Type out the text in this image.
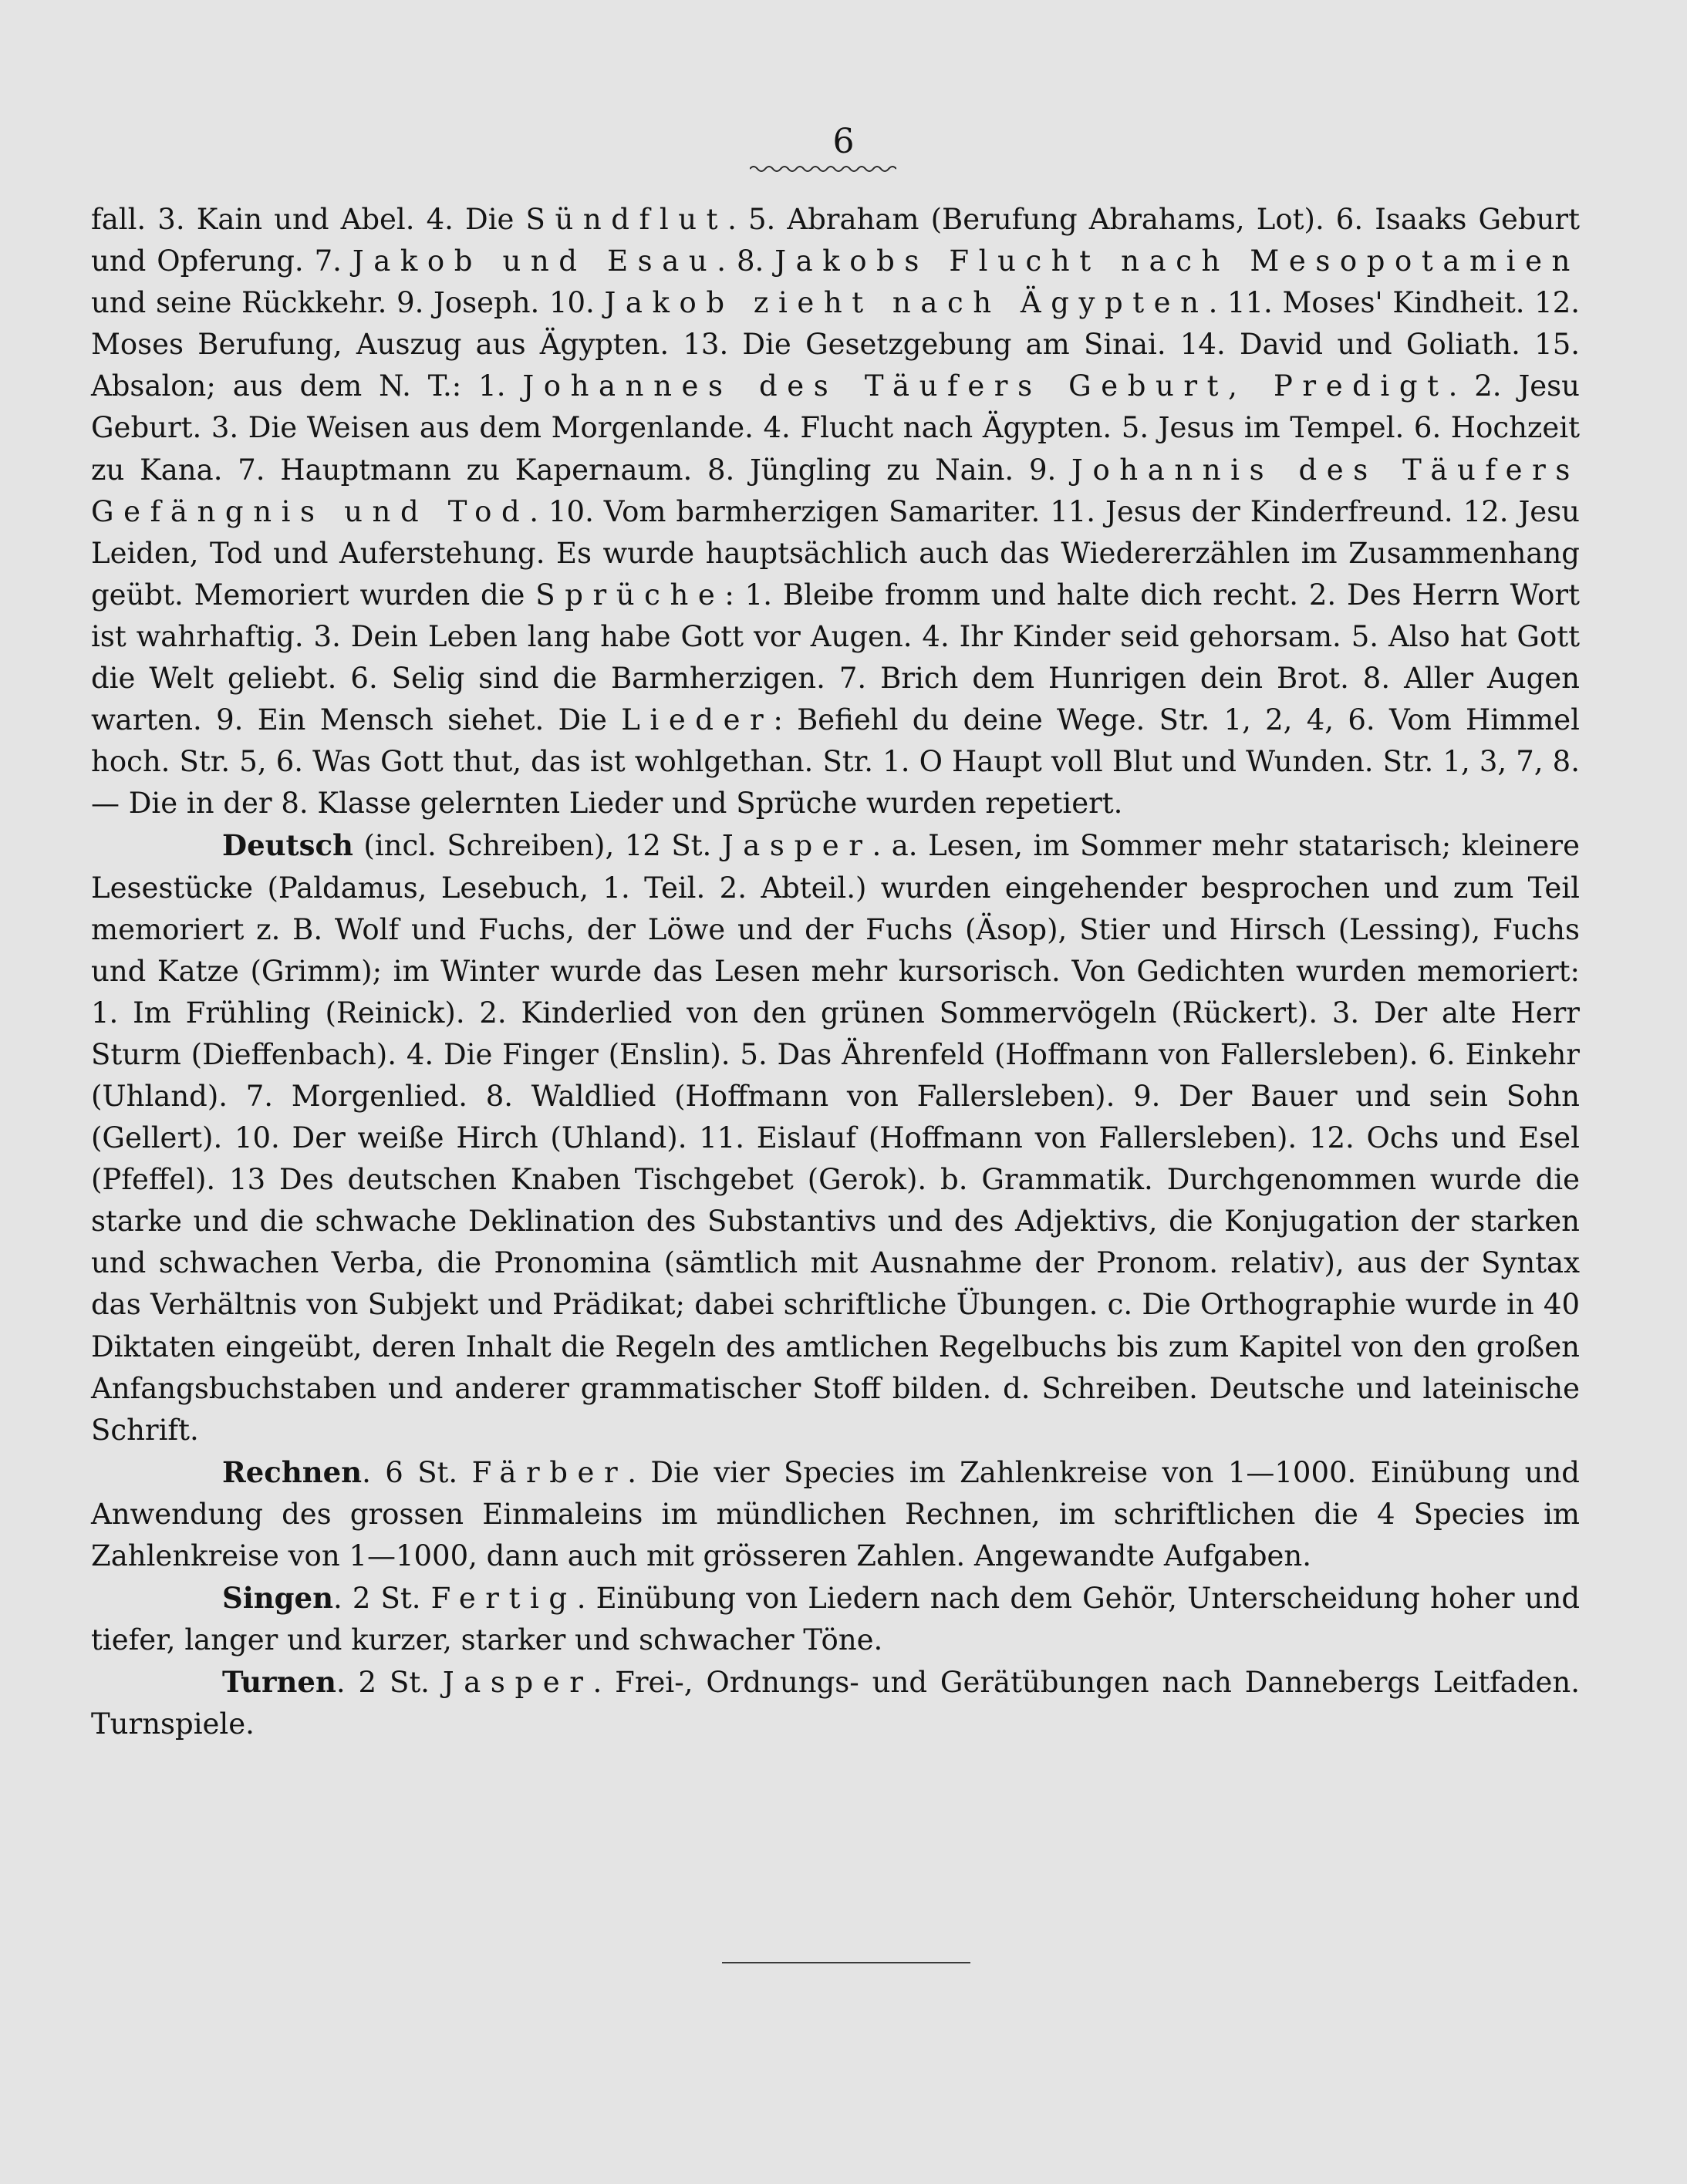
6

fall. 3. Kain und Abel. 4. Die Sündflut. 5. Abraham (Berufung Abrahams, Lot). 6. Isaaks Geburt und Opferung. 7. Jakob und Esau. 8. Jakobs Flucht nach Mesopotamien und seine Rückkehr. 9. Joseph. 10. Jakob zieht nach Ägypten. 11. Moses' Kindheit. 12. Moses Berufung, Auszug aus Ägypten. 13. Die Gesetzgebung am Sinai. 14. David und Goliath. 15. Absalon; aus dem N. T.: 1. Johannes des Täufers Geburt, Predigt. 2. Jesu Geburt. 3. Die Weisen aus dem Morgenlande. 4. Flucht nach Ägypten. 5. Jesus im Tempel. 6. Hochzeit zu Kana. 7. Hauptmann zu Kapernaum. 8. Jüngling zu Nain. 9. Johannis des Täufers Gefängnis und Tod. 10. Vom barmherzigen Samariter. 11. Jesus der Kinderfreund. 12. Jesu Leiden, Tod und Auferstehung. Es wurde hauptsächlich auch das Wiedererzählen im Zusammenhang geübt. Memoriert wurden die Sprüche: 1. Bleibe fromm und halte dich recht. 2. Des Herrn Wort ist wahrhaftig. 3. Dein Leben lang habe Gott vor Augen. 4. Ihr Kinder seid gehorsam. 5. Also hat Gott die Welt geliebt. 6. Selig sind die Barmherzigen. 7. Brich dem Hunrigen dein Brot. 8. Aller Augen warten. 9. Ein Mensch siehet. Die Lieder: Befiehl du deine Wege. Str. 1, 2, 4, 6. Vom Himmel hoch. Str. 5, 6. Was Gott thut, das ist wohlgethan. Str. 1. O Haupt voll Blut und Wunden. Str. 1, 3, 7, 8. — Die in der 8. Klasse gelernten Lieder und Sprüche wurden repetiert.

Deutsch (incl. Schreiben), 12 St. Jasper. a. Lesen, im Sommer mehr statarisch; kleinere Lesestücke (Paldamus, Lesebuch, 1. Teil. 2. Abteil.) wurden eingehender besprochen und zum Teil memoriert z. B. Wolf und Fuchs, der Löwe und der Fuchs (Äsop), Stier und Hirsch (Lessing), Fuchs und Katze (Grimm); im Winter wurde das Lesen mehr kursorisch. Von Gedichten wurden memoriert: 1. Im Frühling (Reinick). 2. Kinderlied von den grünen Sommervögeln (Rückert). 3. Der alte Herr Sturm (Dieffenbach). 4. Die Finger (Enslin). 5. Das Ährenfeld (Hoffmann von Fallersleben). 6. Einkehr (Uhland). 7. Morgenlied. 8. Waldlied (Hoffmann von Fallersleben). 9. Der Bauer und sein Sohn (Gellert). 10. Der weiße Hirch (Uhland). 11. Eislauf (Hoffmann von Fallersleben). 12. Ochs und Esel (Pfeffel). 13 Des deutschen Knaben Tischgebet (Gerok). b. Grammatik. Durchgenommen wurde die starke und die schwache Deklination des Substantivs und des Adjektivs, die Konjugation der starken und schwachen Verba, die Pronomina (sämtlich mit Ausnahme der Pronom. relativ), aus der Syntax das Verhältnis von Subjekt und Prädikat; dabei schriftliche Übungen. c. Die Orthographie wurde in 40 Diktaten eingeübt, deren Inhalt die Regeln des amtlichen Regelbuchs bis zum Kapitel von den großen Anfangsbuchstaben und anderer grammatischer Stoff bilden. d. Schreiben. Deutsche und lateinische Schrift.

Rechnen. 6 St. Färber. Die vier Species im Zahlenkreise von 1—1000. Einübung und Anwendung des grossen Einmaleins im mündlichen Rechnen, im schriftlichen die 4 Species im Zahlenkreise von 1—1000, dann auch mit grösseren Zahlen. Angewandte Aufgaben.

Singen. 2 St. Fertig. Einübung von Liedern nach dem Gehör, Unterscheidung hoher und tiefer, langer und kurzer, starker und schwacher Töne.

Turnen. 2 St. Jasper. Frei-, Ordnungs- und Gerätübungen nach Dannebergs Leitfaden. Turnspiele.
